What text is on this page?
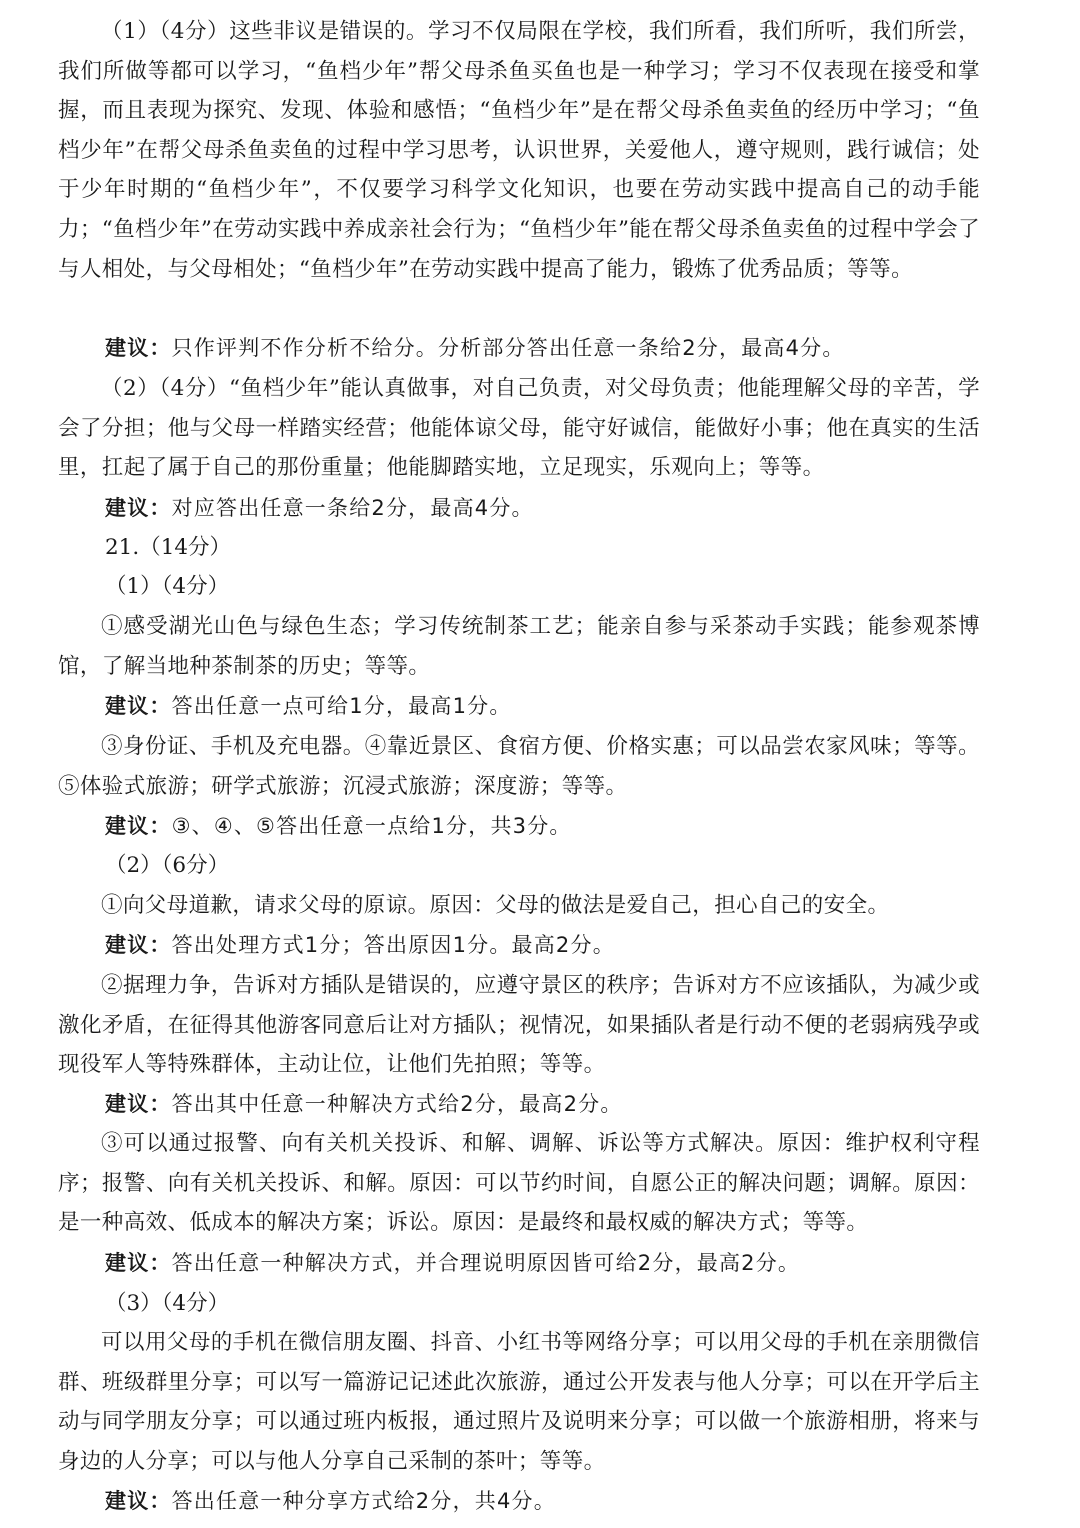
（1）（4分）这些非议是错误的。学习不仅局限在学校，我们所看，我们所听，我们所尝，我们所做等都可以学习，“鱼档少年”帮父母杀鱼买鱼也是一种学习；学习不仅表现在接受和掌握，而且表现为探究、发现、体验和感悟；“鱼档少年”是在帮父母杀鱼卖鱼的经历中学习；“鱼档少年”在帮父母杀鱼卖鱼的过程中学习思考，认识世界，关爱他人，遵守规则，践行诚信；处于少年时期的“鱼档少年”，不仅要学习科学文化知识，也要在劳动实践中提高自己的动手能力；“鱼档少年”在劳动实践中养成亲社会行为；“鱼档少年”能在帮父母杀鱼卖鱼的过程中学会了与人相处，与父母相处；“鱼档少年”在劳动实践中提高了能力，锻炼了优秀品质；等等。
建议：只作评判不作分析不给分。分析部分答出任意一条给2分，最高4分。
（2）（4分）“鱼档少年”能认真做事，对自己负责，对父母负责；他能理解父母的辛苦，学会了分担；他与父母一样踏实经营；他能体谅父母，能守好诚信，能做好小事；他在真实的生活里，扛起了属于自己的那份重量；他能脚踏实地，立足现实，乐观向上；等等。
建议：对应答出任意一条给2分，最高4分。
21.（14分）
（1）（4分）
①感受湖光山色与绿色生态；学习传统制茶工艺；能亲自参与采茶动手实践；能参观茶博馆，了解当地种茶制茶的历史；等等。
建议：答出任意一点可给1分，最高1分。
③身份证、手机及充电器。④靠近景区、食宿方便、价格实惠；可以品尝农家风味；等等。⑤体验式旅游；研学式旅游；沉浸式旅游；深度游；等等。
建议：③、④、⑤答出任意一点给1分，共3分。
（2）（6分）
①向父母道歉，请求父母的原谅。原因：父母的做法是爱自己，担心自己的安全。
建议：答出处理方式1分；答出原因1分。最高2分。
②据理力争，告诉对方插队是错误的，应遵守景区的秩序；告诉对方不应该插队，为减少或激化矛盾，在征得其他游客同意后让对方插队；视情况，如果插队者是行动不便的老弱病残孕或现役军人等特殊群体，主动让位，让他们先拍照；等等。
建议：答出其中任意一种解决方式给2分，最高2分。
③可以通过报警、向有关机关投诉、和解、调解、诉讼等方式解决。原因：维护权利守程序；报警、向有关机关投诉、和解。原因：可以节约时间，自愿公正的解决问题；调解。原因：是一种高效、低成本的解决方案；诉讼。原因：是最终和最权威的解决方式；等等。
建议：答出任意一种解决方式，并合理说明原因皆可给2分，最高2分。
（3）（4分）
可以用父母的手机在微信朋友圈、抖音、小红书等网络分享；可以用父母的手机在亲朋微信群、班级群里分享；可以写一篇游记记述此次旅游，通过公开发表与他人分享；可以在开学后主动与同学朋友分享；可以通过班内板报，通过照片及说明来分享；可以做一个旅游相册，将来与身边的人分享；可以与他人分享自己采制的茶叶；等等。
建议：答出任意一种分享方式给2分，共4分。
